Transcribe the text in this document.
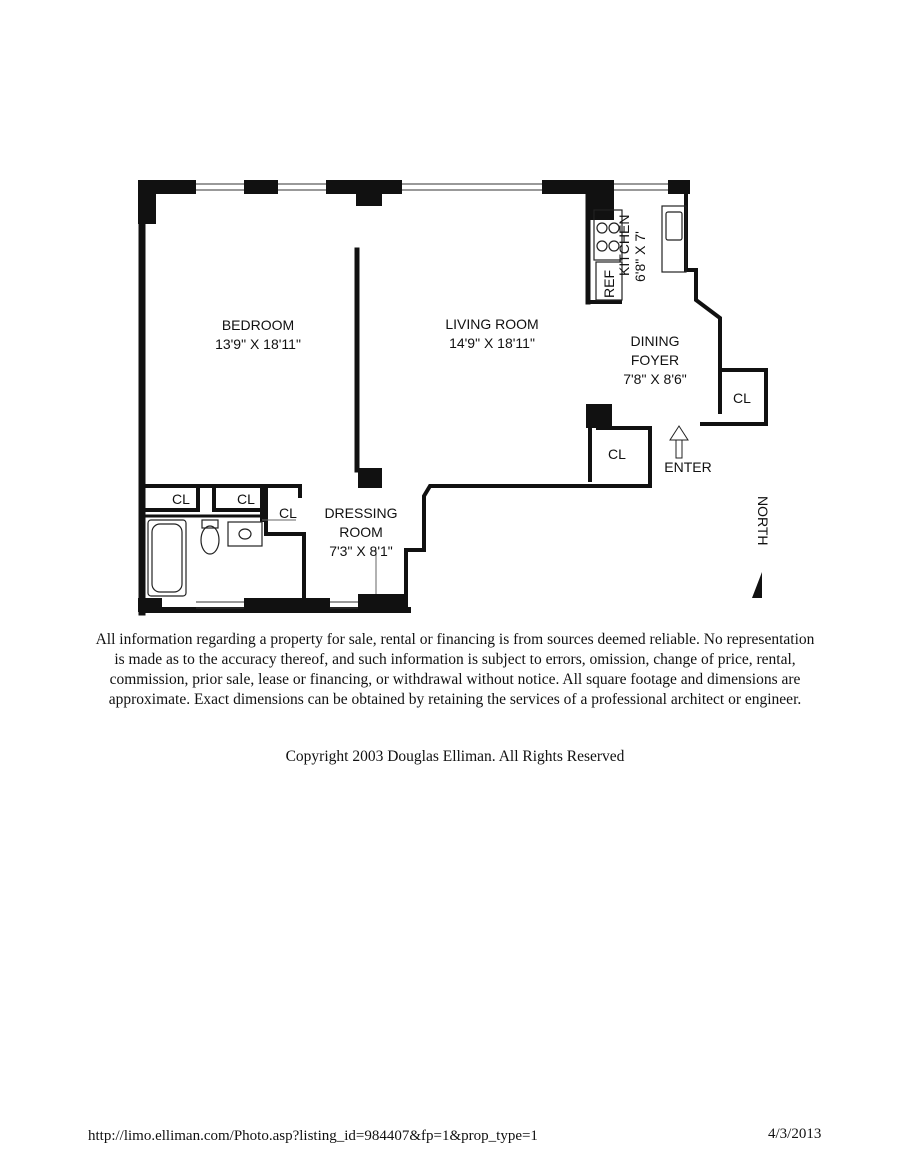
BEDROOM
13'9" X 18'11"
LIVING ROOM
14'9" X 18'11"
KITCHEN 6'8" X 7'
REF
DINING
FOYER
7'8" X 8'6"
DRESSING
ROOM
7'3" X 8'1"
CL
CL
CL	CL
CL
ENTER
NORTH
All information regarding a property for sale, rental or financing is from sources deemed reliable. No representation is made as to the accuracy thereof, and such information is subject to errors, omission, change of price, rental, commission, prior sale, lease or financing, or withdrawal without notice. All square footage and dimensions are approximate. Exact dimensions can be obtained by retaining the services of a professional architect or engineer.
Copyright 2003 Douglas Elliman. All Rights Reserved
http://limo.elliman.com/Photo.asp?listing_id=984407&fp=1&prop_type=1	4/3/2013
